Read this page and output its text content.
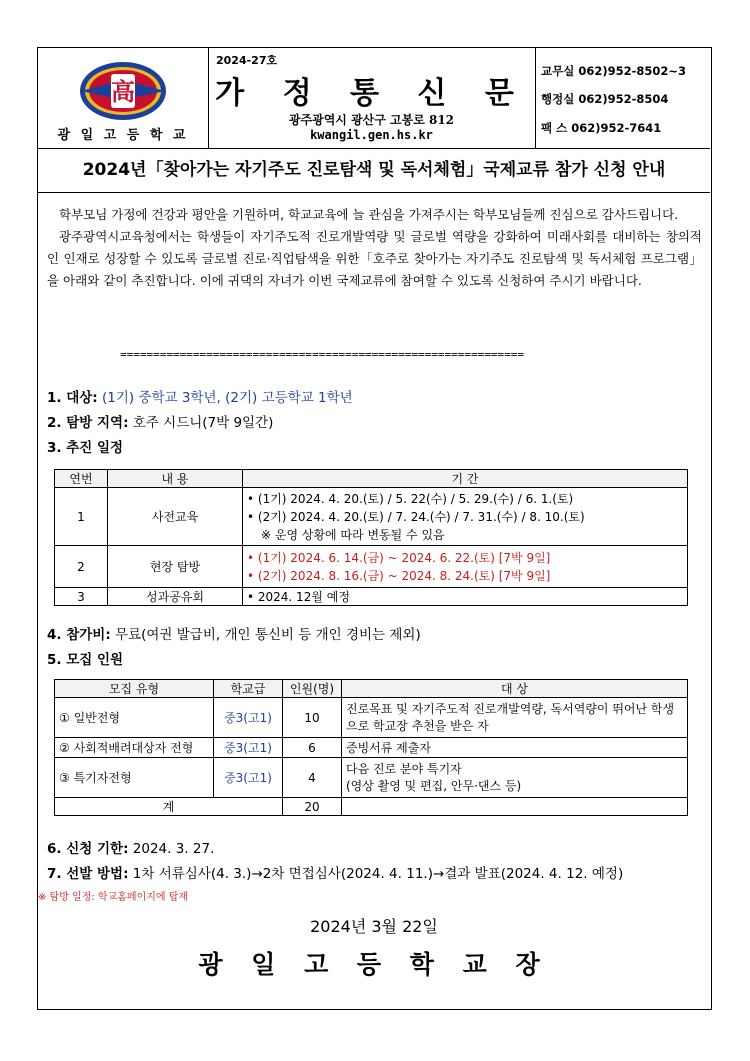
高
광 일 고 등 학 교
2024-27호
가 정 통 신 문
광주광역시 광산구 고봉로 812
kwangil.gen.hs.kr
교무실 062)952-8502~3
행정실 062)952-8504
팩 스 062)952-7641
2024년「찾아가는 자기주도 진로탐색 및 독서체험」국제교류 참가 신청 안내

학부모님 가정에 건강과 평안을 기원하며, 학교교육에 늘 관심을 가져주시는 학부모님들께 진심으로 감사드립니다.

광주광역시교육청에서는 학생들이 자기주도적 진로개발역량 및 글로벌 역량을 강화하여 미래사회를 대비하는 창의적인 인재로 성장할 수 있도록 글로벌 진로·직업탐색을 위한「호주로 찾아가는 자기주도 진로탐색 및 독서체험 프로그램」을 아래와 같이 추진합니다. 이에 귀댁의 자녀가 이번 국제교류에 참여할 수 있도록 신청하여 주시기 바랍니다.

=============================================================
1. 대상: (1기) 중학교 3학년, (2기) 고등학교 1학년
2. 탐방 지역: 호주 시드니(7박 9일간)
3. 추진 일정
연번	내 용	기 간
1	사전교육	• (1기) 2024. 4. 20.(토) / 5. 22(수) / 5. 29.(수) / 6. 1.(토)
• (2기) 2024. 4. 20.(토) / 7. 24.(수) / 7. 31.(수) / 8. 10.(토)
※ 운영 상황에 따라 변동될 수 있음

2	현장 탐방	• (1기) 2024. 6. 14.(금) ~ 2024. 6. 22.(토) [7박 9일]
• (2기) 2024. 8. 16.(금) ~ 2024. 8. 24.(토) [7박 9일]

3	성과공유회	• 2024. 12월 예정
4. 참가비: 무료(여권 발급비, 개인 통신비 등 개인 경비는 제외)
5. 모집 인원
모집 유형	학교급	인원(명)	대 상
① 일반전형	중3(고1)	10	진로목표 및 자기주도적 진로개발역량, 독서역량이 뛰어난 학생으로 학교장 추천을 받은 자
② 사회적배려대상자 전형	중3(고1)	6	증빙서류 제출자
③ 특기자전형	중3(고1)	4	다음 진로 분야 특기자
(영상 촬영 및 편집, 안무·댄스 등)
계		20	
6. 신청 기한: 2024. 3. 27.
7. 선발 방법: 1차 서류심사(4. 3.)→2차 면접심사(2024. 4. 11.)→결과 발표(2024. 4. 12. 예정)
※ 탐방 일정: 학교홈페이지에 탑재
2024년 3월 22일
광 일 고 등 학 교 장
